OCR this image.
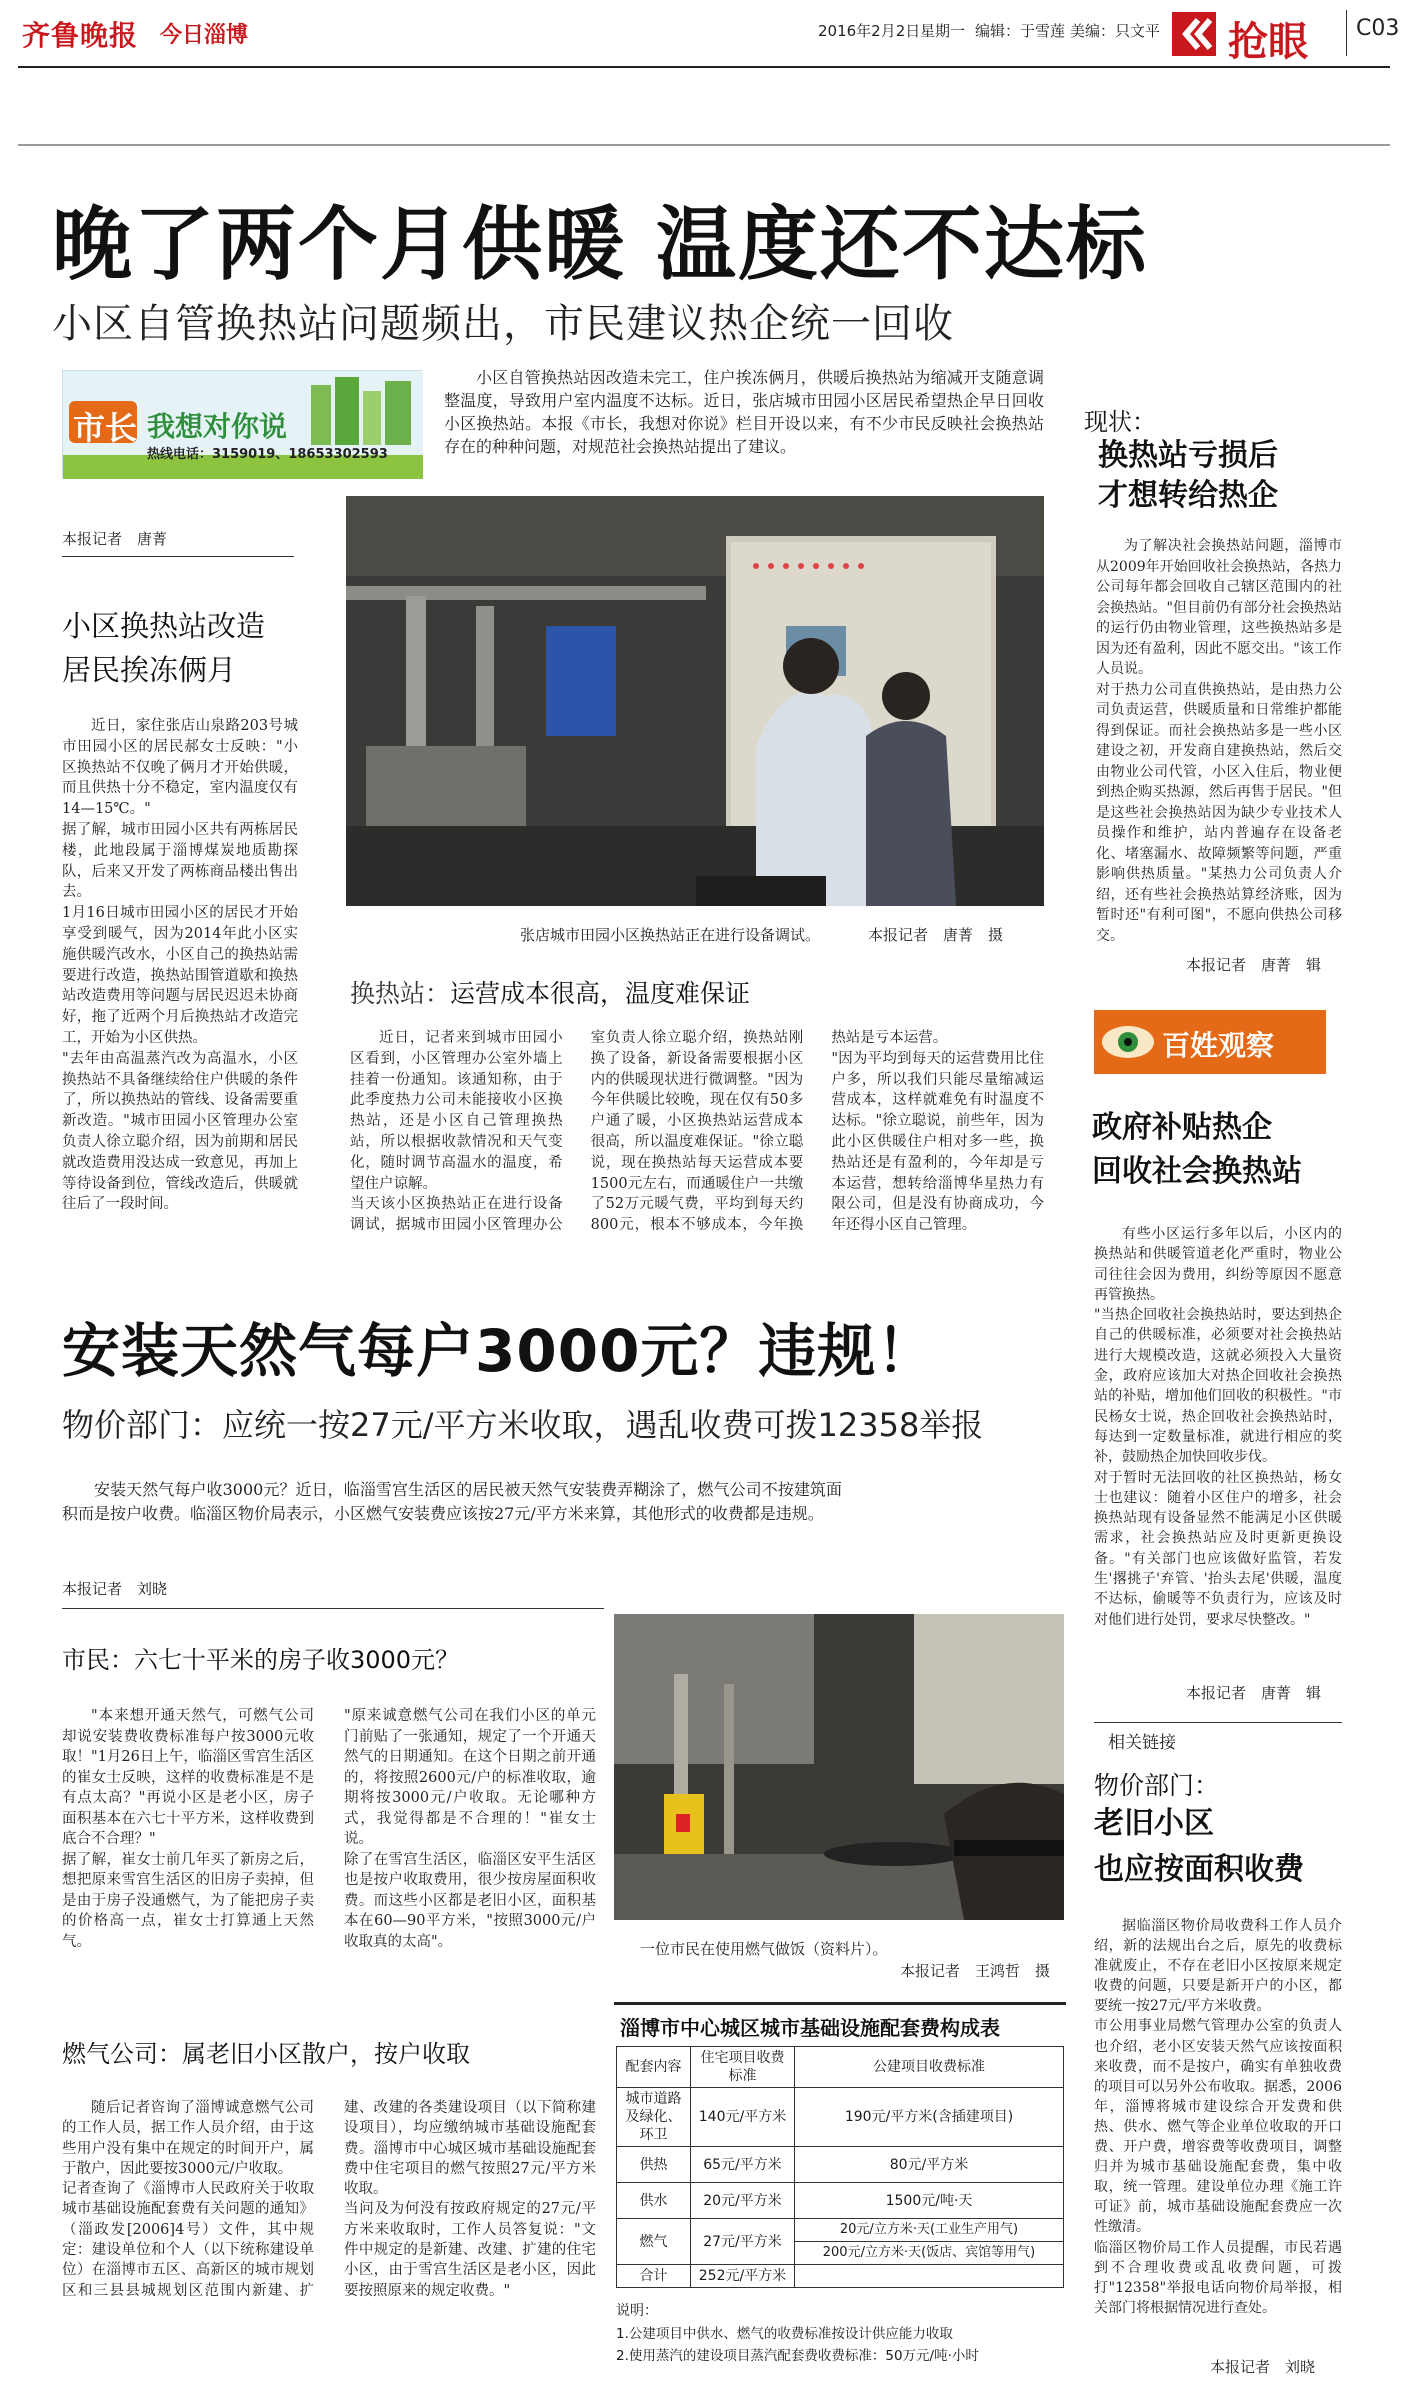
齐鲁晚报 今日淄博	2016年2月2日 星期一 编辑：于雪莲 美编：只文平 抢眼 C03
晚了两个月供暖 温度还不达标
小区自管换热站问题频出，市民建议热企统一回收
市长 我想对你说
热线电话：3159019、18653302593
小区自管换热站因改造未完工，住户挨冻俩月，供暖后换热站为缩减开支随意调整温度，导致用户室内温度不达标。近日，张店城市田园小区居民希望热企早日回收小区换热站。本报《市长，我想对你说》栏目开设以来，有不少市民反映社会换热站存在的种种问题，对规范社会换热站提出了建议。
本报记者　唐菁
小区换热站改造
居民挨冻俩月
近日，家住张店山泉路203号城市田园小区的居民郝女士反映："小区换热站不仅晚了俩月才开始供暖，而且供热十分不稳定，室内温度仅有14—15℃。"
据了解，城市田园小区共有两栋居民楼，此地段属于淄博煤炭地质勘探队，后来又开发了两栋商品楼出售出去。
1月16日城市田园小区的居民才开始享受到暖气，因为2014年此小区实施供暖汽改水，小区自己的换热站需要进行改造，换热站围管道歇和换热站改造费用等问题与居民迟迟未协商好，拖了近两个月后换热站才改造完工，开始为小区供热。
"去年由高温蒸汽改为高温水，小区换热站不具备继续给住户供暖的条件了，所以换热站的管线、设备需要重新改造。"城市田园小区管理办公室负责人徐立聪介绍，因为前期和居民就改造费用没达成一致意见，再加上等待设备到位，管线改造后，供暖就往后了一段时间。
张店城市田园小区换热站正在进行设备调试。	本报记者　唐菁　摄
换热站：运营成本很高，温度难保证
近日，记者来到城市田园小区看到，小区管理办公室外墙上挂着一份通知。该通知称，由于此季度热力公司未能接收小区换热站，还是小区自己管理换热站，所以根据收款情况和天气变化，随时调节高温水的温度，希望住户谅解。
当天该小区换热站正在进行设备调试，据城市田园小区管理办公室负责人徐立聪介绍，换热站刚换了设备，新设备需要根据小区内的供暖现状进行微调整。"因为今年供暖比较晚，现在仅有50多户通了暖，小区换热站运营成本很高，所以温度难保证。"徐立聪说，现在换热站每天运营成本要1500元左右，而通暖住户一共缴了52万元暖气费，平均到每天约800元，根本不够成本，今年换热站是亏本运营。
"因为平均到每天的运营费用比住户多，所以我们只能尽量缩减运营成本，这样就难免有时温度不达标。"徐立聪说，前些年，因为此小区供暖住户相对多一些，换热站还是有盈利的，今年却是亏本运营，想转给淄博华星热力有限公司，但是没有协商成功，今年还得小区自己管理。
现状：
换热站亏损后
才想转给热企
为了解决社会换热站问题，淄博市从2009年开始回收社会换热站，各热力公司每年都会回收自己辖区范围内的社会换热站。"但目前仍有部分社会换热站的运行仍由物业管理，这些换热站多是因为还有盈利，因此不愿交出。"该工作人员说。
对于热力公司直供换热站，是由热力公司负责运营，供暖质量和日常维护都能得到保证。而社会换热站多是一些小区建设之初，开发商自建换热站，然后交由物业公司代管，小区入住后，物业便到热企购买热源，然后再售于居民。"但是这些社会换热站因为缺少专业技术人员操作和维护，站内普遍存在设备老化、堵塞漏水、故障频繁等问题，严重影响供热质量。"某热力公司负责人介绍，还有些社会换热站算经济账，因为暂时还"有利可图"，不愿向供热公司移交。
本报记者　唐菁　辑
百姓观察
政府补贴热企
回收社会换热站
有些小区运行多年以后，小区内的换热站和供暖管道老化严重时，物业公司往往会因为费用，纠纷等原因不愿意再管换热。
"当热企回收社会换热站时，要达到热企自己的供暖标准，必须要对社会换热站进行大规模改造，这就必须投入大量资金，政府应该加大对热企回收社会换热站的补贴，增加他们回收的积极性。"市民杨女士说，热企回收社会换热站时，每达到一定数量标准，就进行相应的奖补，鼓励热企加快回收步伐。
对于暂时无法回收的社区换热站，杨女士也建议：随着小区住户的增多，社会换热站现有设备显然不能满足小区供暖需求，社会换热站应及时更新更换设备。"有关部门也应该做好监管，若发生'撂挑子'弃管、'抬头去尾'供暖，温度不达标，偷暖等不负责行为，应该及时对他们进行处罚，要求尽快整改。"
本报记者　唐菁　辑
安装天然气每户3000元？违规！
物价部门：应统一按27元/平方米收取，遇乱收费可拨12358举报
安装天然气每户收3000元？近日，临淄雪宫生活区的居民被天然气安装费弄糊涂了，燃气公司不按建筑面积而是按户收费。临淄区物价局表示，小区燃气安装费应该按27元/平方米来算，其他形式的收费都是违规。
本报记者　刘晓
市民：六七十平米的房子收3000元？
"本来想开通天然气，可燃气公司却说安装费收费标准每户按3000元收取！"1月26日上午，临淄区雪宫生活区的崔女士反映，这样的收费标准是不是有点太高？"再说小区是老小区，房子面积基本在六七十平方米，这样收费到底合不合理？"
据了解，崔女士前几年买了新房之后，想把原来雪宫生活区的旧房子卖掉，但是由于房子没通燃气，为了能把房子卖的价格高一点，崔女士打算通上天然气。
"原来诚意燃气公司在我们小区的单元门前贴了一张通知，规定了一个开通天然气的日期通知。在这个日期之前开通的，将按照2600元/户的标准收取，逾期将按3000元/户收取。无论哪种方式，我觉得都是不合理的！"崔女士说。
除了在雪宫生活区，临淄区安平生活区也是按户收取费用，很少按房屋面积收费。而这些小区都是老旧小区，面积基本在60—90平方米，"按照3000元/户收取真的太高"。
燃气公司：属老旧小区散户，按户收取
随后记者咨询了淄博诚意燃气公司的工作人员，据工作人员介绍，由于这些用户没有集中在规定的时间开户，属于散户，因此要按3000元/户收取。
记者查询了《淄博市人民政府关于收取城市基础设施配套费有关问题的通知》（淄政发[2006]4号）文件，其中规定：建设单位和个人（以下统称建设单位）在淄博市五区、高新区的城市规划区和三县县城规划区范围内新建、扩建、改建的各类建设项目（以下简称建设项目），均应缴纳城市基础设施配套费。淄博市中心城区城市基础设施配套费中住宅项目的燃气按照27元/平方米收取。
当问及为何没有按政府规定的27元/平方米来收取时，工作人员答复说："文件中规定的是新建、改建、扩建的住宅小区，由于雪宫生活区是老小区，因此要按照原来的规定收费。"
一位市民在使用燃气做饭（资料片）。
本报记者　王鸿哲　摄
淄博市中心城区城市基础设施配套费构成表
配套内容	住宅项目收费标准	公建项目收费标准
城市道路及绿化、环卫	140元/平方米	190元/平方米(含插建项目)
供热	65元/平方米	80元/平方米
供水	20元/平方米	1500元/吨·天
燃气	27元/平方米	20元/立方米·天(工业生产用气)
		200元/立方米·天(饭店、宾馆等用气)
合计	252元/平方米	
说明：
1.公建项目中供水、燃气的收费标准按设计供应能力收取
2.使用蒸汽的建设项目蒸汽配套费收费标准：50万元/吨·小时
相关链接
物价部门：
老旧小区
也应按面积收费
据临淄区物价局收费科工作人员介绍，新的法规出台之后，原先的收费标准就废止，不存在老旧小区按原来规定收费的问题，只要是新开户的小区，都要统一按27元/平方米收费。
市公用事业局燃气管理办公室的负责人也介绍，老小区安装天然气应该按面积来收费，而不是按户，确实有单独收费的项目可以另外公布收取。据悉，2006年，淄博将城市建设综合开发费和供热、供水、燃气等企业单位收取的开口费、开户费，增容费等收费项目，调整归并为城市基础设施配套费，集中收取，统一管理。建设单位办理《施工许可证》前，城市基础设施配套费应一次性缴清。
临淄区物价局工作人员提醒，市民若遇到不合理收费或乱收费问题，可拨打"12358"举报电话向物价局举报，相关部门将根据情况进行查处。
本报记者　刘晓
